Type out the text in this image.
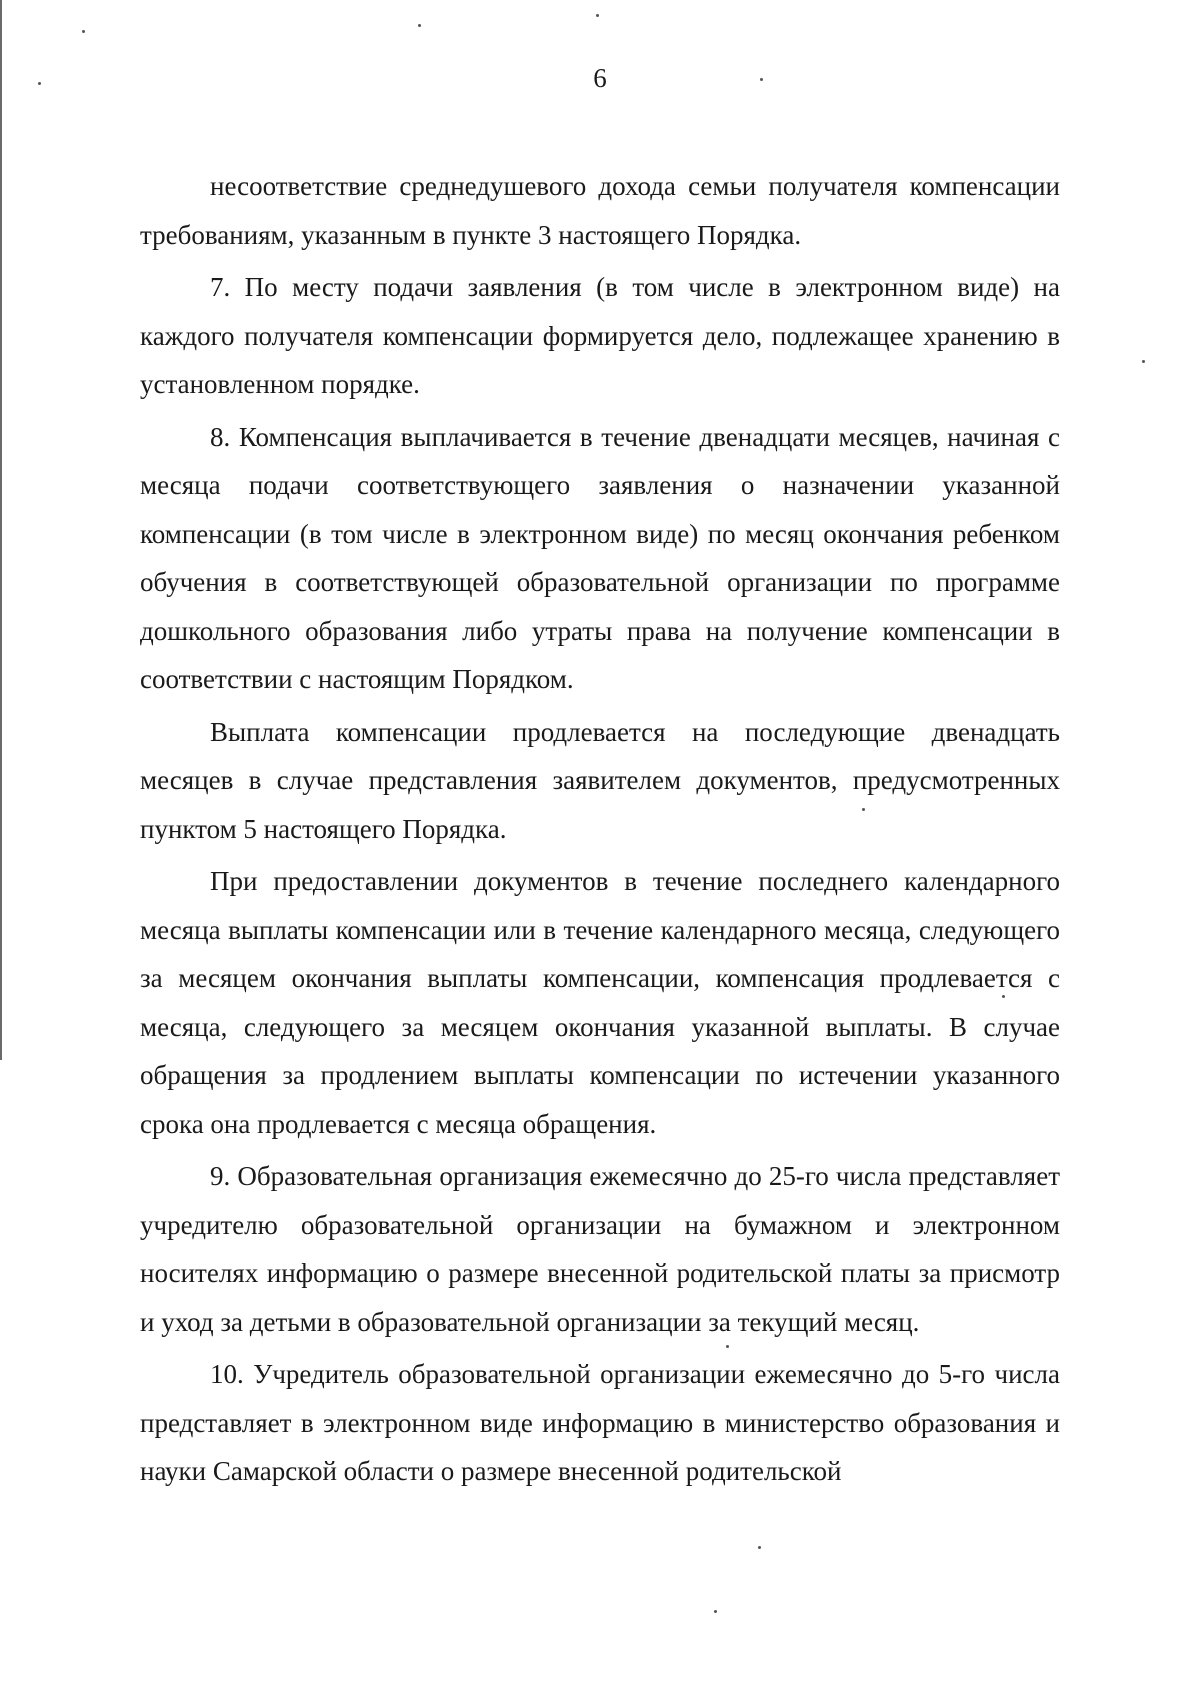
6

несоответствие среднедушевого дохода семьи получателя компенсации требованиям, указанным в пункте 3 настоящего Порядка.

7. По месту подачи заявления (в том числе в электронном виде) на каждого получателя компенсации формируется дело, подлежащее хранению в установленном порядке.

8. Компенсация выплачивается в течение двенадцати месяцев, начиная с месяца подачи соответствующего заявления о назначении указанной компенсации (в том числе в электронном виде) по месяц окончания ребенком обучения в соответствующей образовательной организации по программе дошкольного образования либо утраты права на получение компенсации в соответствии с настоящим Порядком.

Выплата компенсации продлевается на последующие двенадцать месяцев в случае представления заявителем документов, предусмотренных пунктом 5 настоящего Порядка.

При предоставлении документов в течение последнего календарного месяца выплаты компенсации или в течение календарного месяца, следующего за месяцем окончания выплаты компенсации, компенсация продлевается с месяца, следующего за месяцем окончания указанной выплаты. В случае обращения за продлением выплаты компенсации по истечении указанного срока она продлевается с месяца обращения.

9. Образовательная организация ежемесячно до 25-го числа представляет учредителю образовательной организации на бумажном и электронном носителях информацию о размере внесенной родительской платы за присмотр и уход за детьми в образовательной организации за текущий месяц.

10. Учредитель образовательной организации ежемесячно до 5-го числа представляет в электронном виде информацию в министерство образования и науки Самарской области о размере внесенной родительской
